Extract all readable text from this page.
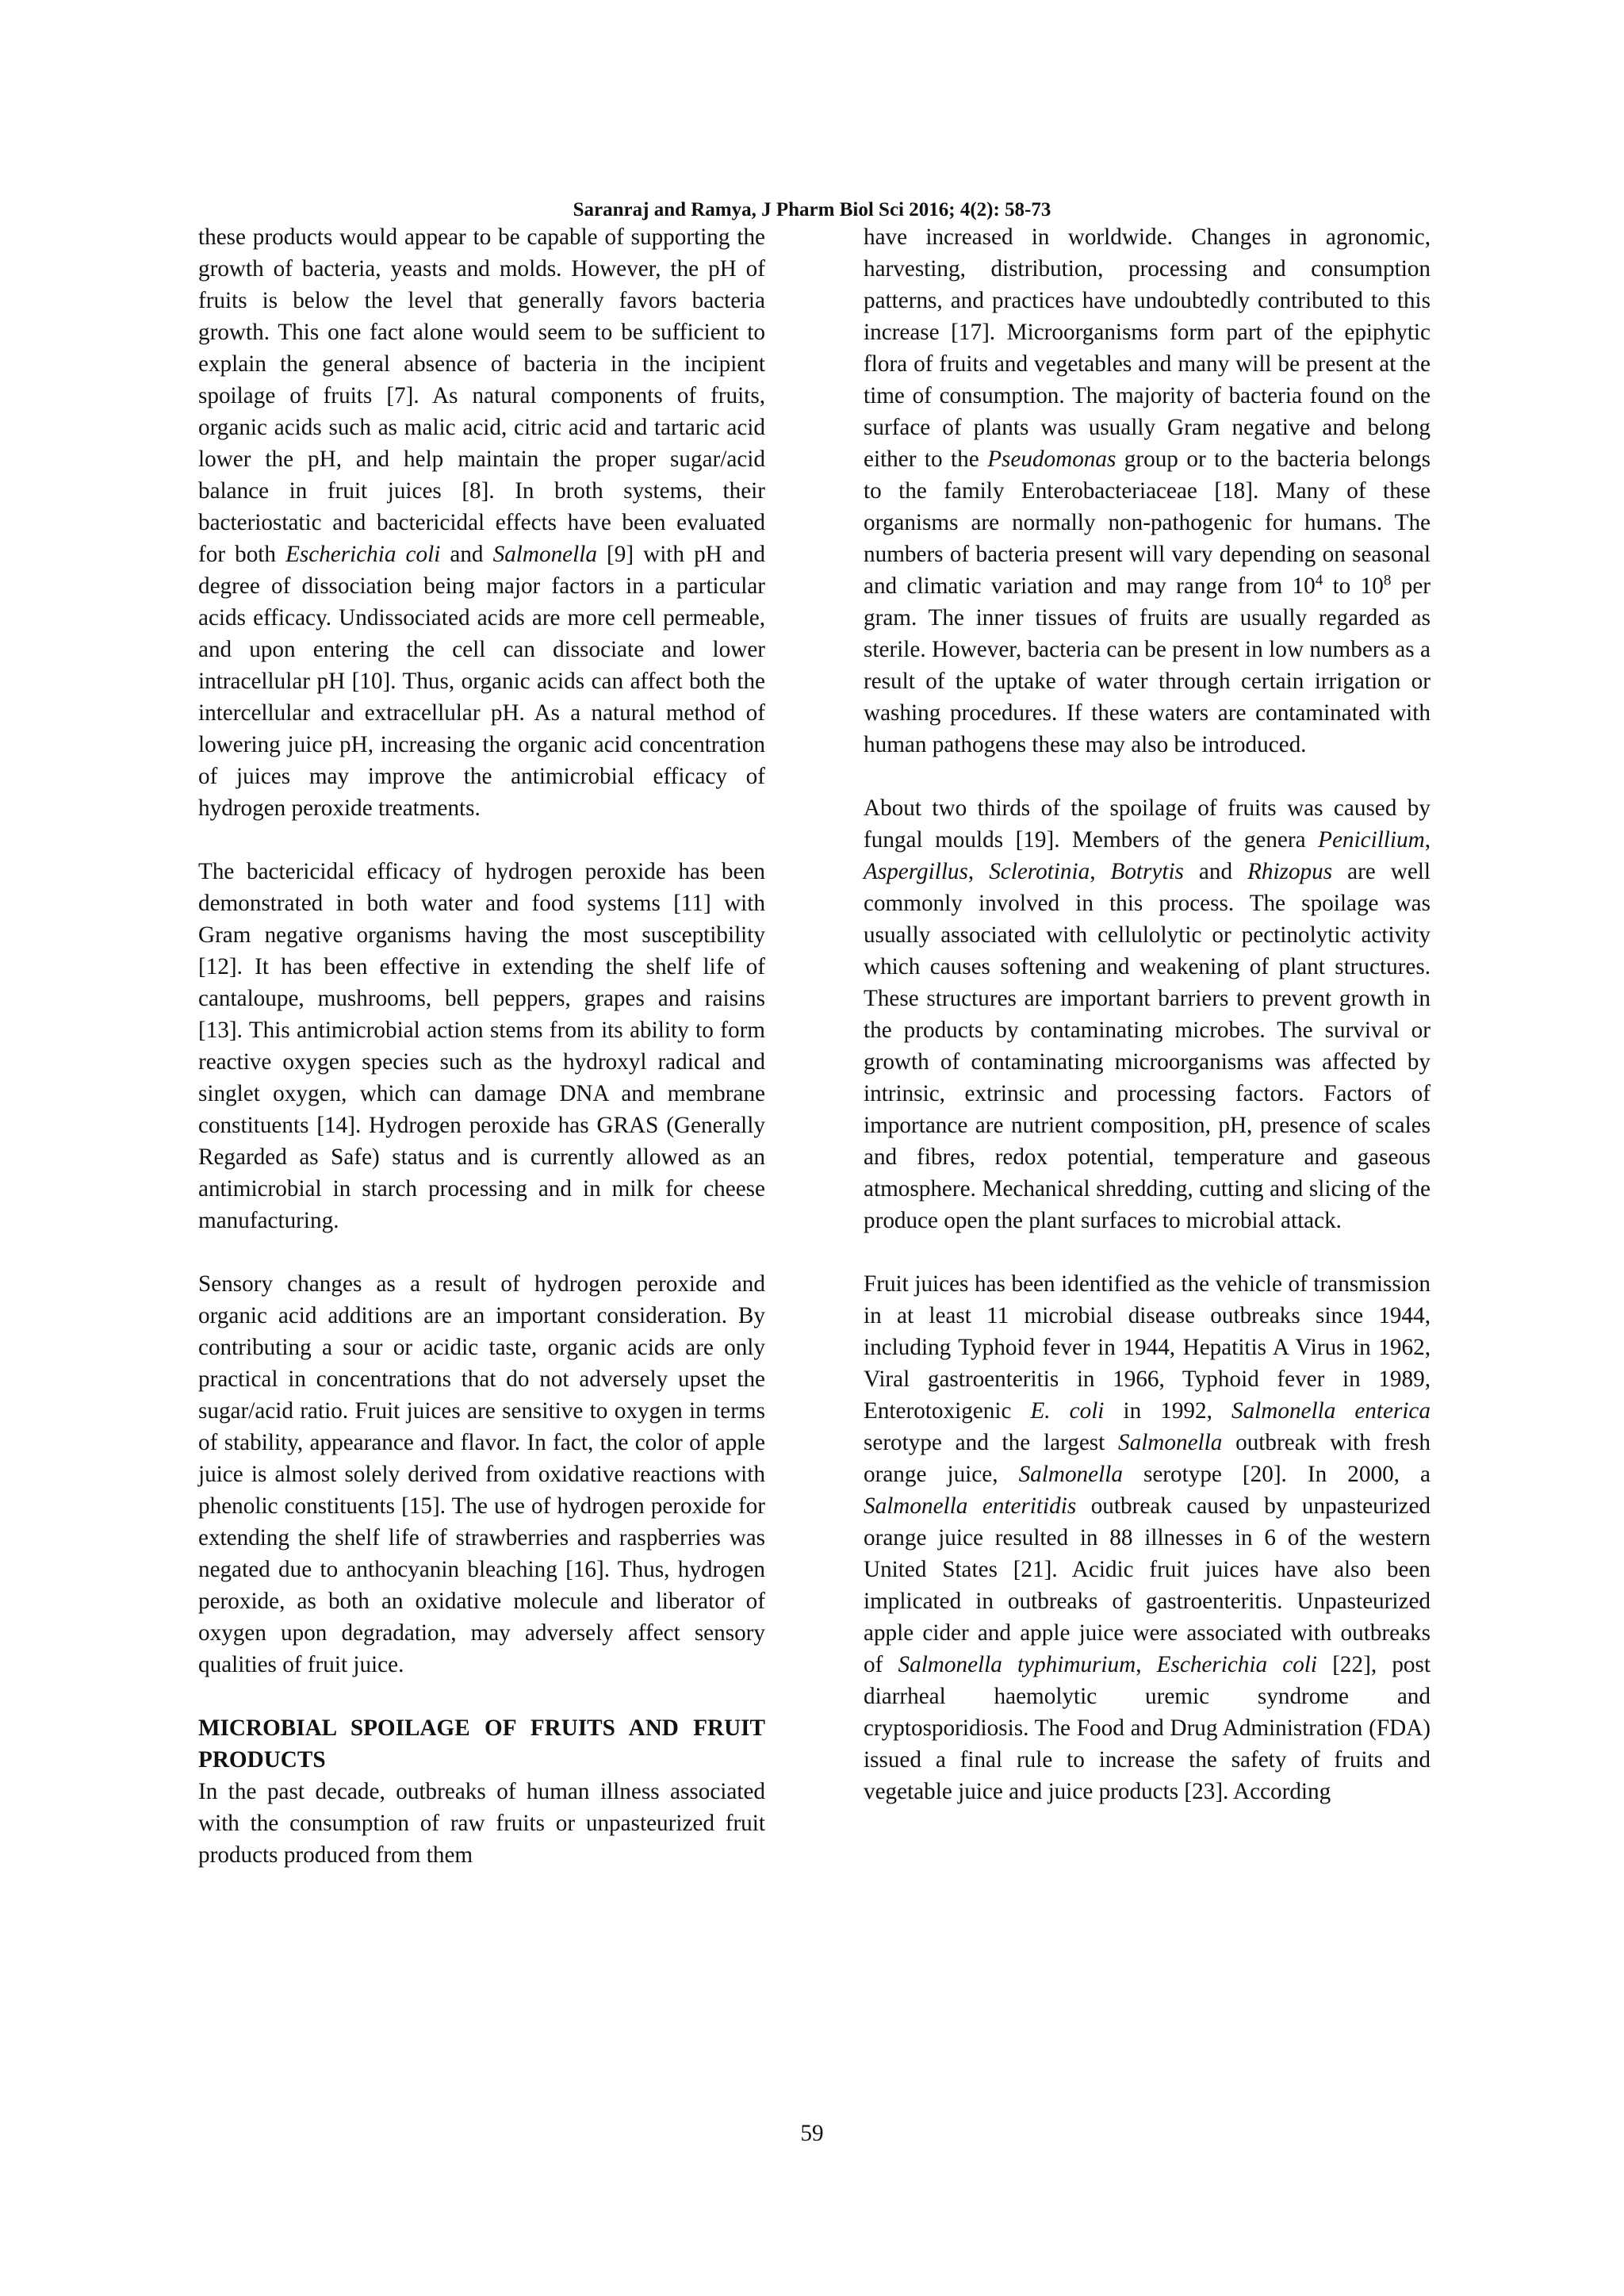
Saranraj and Ramya, J Pharm Biol Sci 2016; 4(2): 58-73

these products would appear to be capable of supporting the growth of bacteria, yeasts and molds. However, the pH of fruits is below the level that generally favors bacteria growth. This one fact alone would seem to be sufficient to explain the general absence of bacteria in the incipient spoilage of fruits [7]. As natural components of fruits, organic acids such as malic acid, citric acid and tartaric acid lower the pH, and help maintain the proper sugar/acid balance in fruit juices [8]. In broth systems, their bacteriostatic and bactericidal effects have been evaluated for both Escherichia coli and Salmonella [9] with pH and degree of dissociation being major factors in a particular acids efficacy. Undissociated acids are more cell permeable, and upon entering the cell can dissociate and lower intracellular pH [10]. Thus, organic acids can affect both the intercellular and extracellular pH. As a natural method of lowering juice pH, increasing the organic acid concentration of juices may improve the antimicrobial efficacy of hydrogen peroxide treatments.

The bactericidal efficacy of hydrogen peroxide has been demonstrated in both water and food systems [11] with Gram negative organisms having the most susceptibility [12]. It has been effective in extending the shelf life of cantaloupe, mushrooms, bell peppers, grapes and raisins [13]. This antimicrobial action stems from its ability to form reactive oxygen species such as the hydroxyl radical and singlet oxygen, which can damage DNA and membrane constituents [14]. Hydrogen peroxide has GRAS (Generally Regarded as Safe) status and is currently allowed as an antimicrobial in starch processing and in milk for cheese manufacturing.

Sensory changes as a result of hydrogen peroxide and organic acid additions are an important consideration. By contributing a sour or acidic taste, organic acids are only practical in concentrations that do not adversely upset the sugar/acid ratio. Fruit juices are sensitive to oxygen in terms of stability, appearance and flavor. In fact, the color of apple juice is almost solely derived from oxidative reactions with phenolic constituents [15]. The use of hydrogen peroxide for extending the shelf life of strawberries and raspberries was negated due to anthocyanin bleaching [16]. Thus, hydrogen peroxide, as both an oxidative molecule and liberator of oxygen upon degradation, may adversely affect sensory qualities of fruit juice.

MICROBIAL SPOILAGE OF FRUITS AND FRUIT PRODUCTS

In the past decade, outbreaks of human illness associated with the consumption of raw fruits or unpasteurized fruit products produced from them

have increased in worldwide. Changes in agronomic, harvesting, distribution, processing and consumption patterns, and practices have undoubtedly contributed to this increase [17]. Microorganisms form part of the epiphytic flora of fruits and vegetables and many will be present at the time of consumption. The majority of bacteria found on the surface of plants was usually Gram negative and belong either to the Pseudomonas group or to the bacteria belongs to the family Enterobacteriaceae [18]. Many of these organisms are normally non-pathogenic for humans. The numbers of bacteria present will vary depending on seasonal and climatic variation and may range from $10^4$ to $10^8$ per gram. The inner tissues of fruits are usually regarded as sterile. However, bacteria can be present in low numbers as a result of the uptake of water through certain irrigation or washing procedures. If these waters are contaminated with human pathogens these may also be introduced.

About two thirds of the spoilage of fruits was caused by fungal moulds [19]. Members of the genera Penicillium, Aspergillus, Sclerotinia, Botrytis and Rhizopus are well commonly involved in this process. The spoilage was usually associated with cellulolytic or pectinolytic activity which causes softening and weakening of plant structures. These structures are important barriers to prevent growth in the products by contaminating microbes. The survival or growth of contaminating microorganisms was affected by intrinsic, extrinsic and processing factors. Factors of importance are nutrient composition, pH, presence of scales and fibres, redox potential, temperature and gaseous atmosphere. Mechanical shredding, cutting and slicing of the produce open the plant surfaces to microbial attack.

Fruit juices has been identified as the vehicle of transmission in at least 11 microbial disease outbreaks since 1944, including Typhoid fever in 1944, Hepatitis A Virus in 1962, Viral gastroenteritis in 1966, Typhoid fever in 1989, Enterotoxigenic E. coli in 1992, Salmonella enterica serotype and the largest Salmonella outbreak with fresh orange juice, Salmonella serotype [20]. In 2000, a Salmonella enteritidis outbreak caused by unpasteurized orange juice resulted in 88 illnesses in 6 of the western United States [21]. Acidic fruit juices have also been implicated in outbreaks of gastroenteritis. Unpasteurized apple cider and apple juice were associated with outbreaks of Salmonella typhimurium, Escherichia coli [22], post diarrheal haemolytic uremic syndrome and cryptosporidiosis. The Food and Drug Administration (FDA) issued a final rule to increase the safety of fruits and vegetable juice and juice products [23]. According

59
